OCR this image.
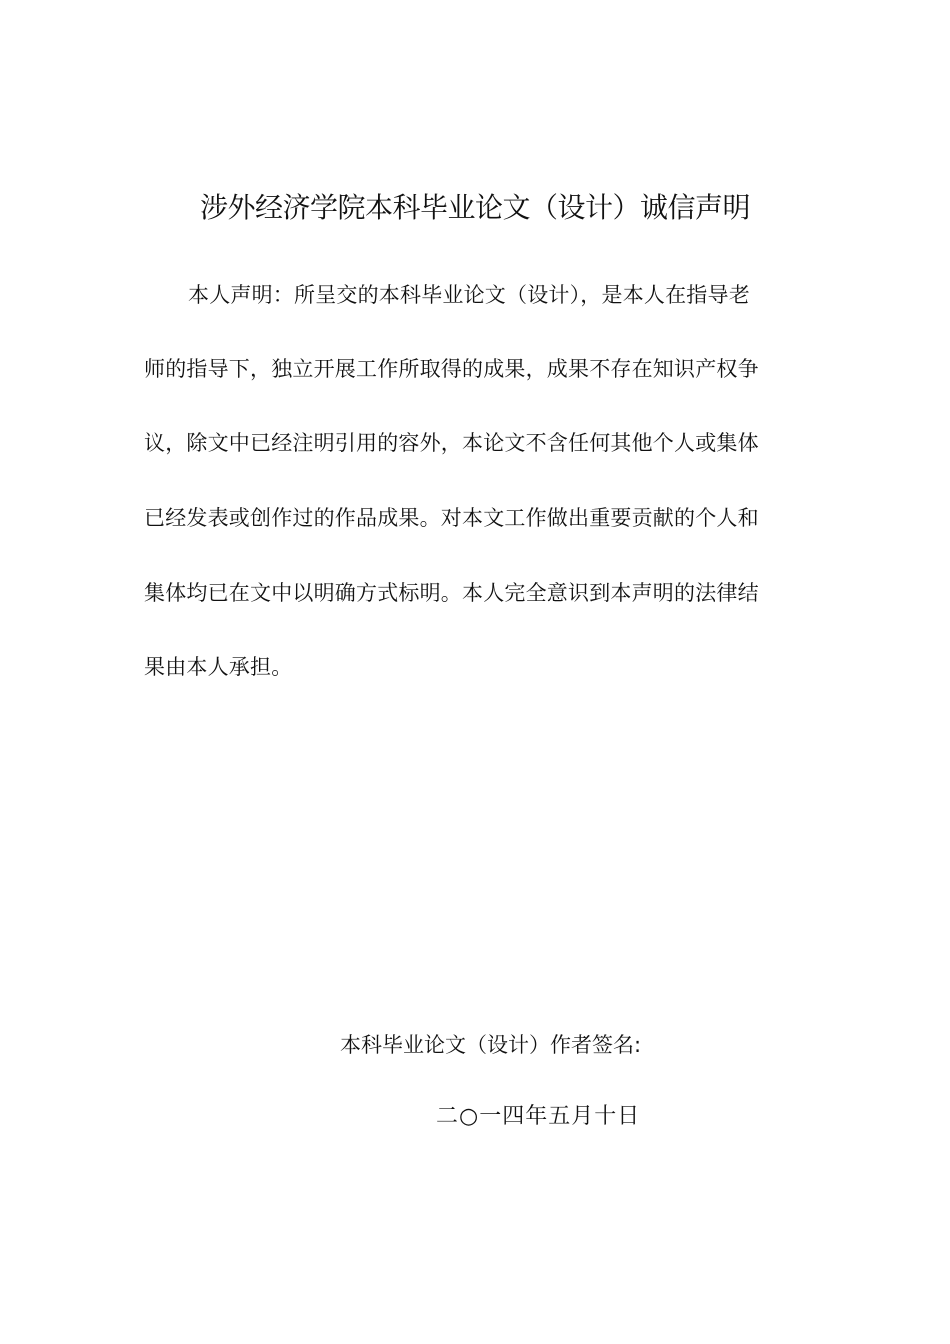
涉外经济学院本科毕业论文（设计）诚信声明
本人声明：所呈交的本科毕业论文（设计），是本人在指导老
师的指导下，独立开展工作所取得的成果，成果不存在知识产权争
议，除文中已经注明引用的容外，本论文不含任何其他个人或集体
已经发表或创作过的作品成果。对本文工作做出重要贡献的个人和
集体均已在文中以明确方式标明。本人完全意识到本声明的法律结
果由本人承担。
本科毕业论文（设计）作者签名:
二○一四年五月十日
